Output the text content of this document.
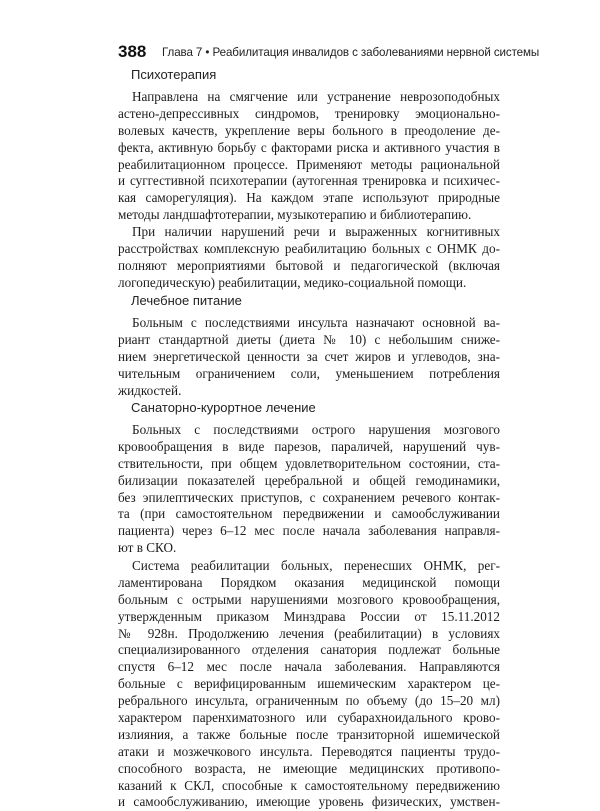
388 Глава 7 • Реабилитация инвалидов с заболеваниями нервной системы
Психотерапия
Направлена на смягчение или устранение неврозоподобных
астено-депрессивных синдромов, тренировку эмоционально-
волевых качеств, укрепление веры больного в преодоление де-
фекта, активную борьбу с факторами риска и активного участия в
реабилитационном процессе. Применяют методы рациональной
и суггестивной психотерапии (аутогенная тренировка и психичес-
кая саморегуляция). На каждом этапе используют природные
методы ландшафтотерапии, музыкотерапию и библиотерапию.
При наличии нарушений речи и выраженных когнитивных
расстройствах комплексную реабилитацию больных с ОНМК до-
полняют мероприятиями бытовой и педагогической (включая
логопедическую) реабилитации, медико-социальной помощи.
Лечебное питание
Больным с последствиями инсульта назначают основной ва-
риант стандартной диеты (диета № 10) с небольшим сниже-
нием энергетической ценности за счет жиров и углеводов, зна-
чительным ограничением соли, уменьшением потребления
жидкостей.
Санаторно-курортное лечение
Больных с последствиями острого нарушения мозгового
кровообращения в виде парезов, параличей, нарушений чув-
ствительности, при общем удовлетворительном состоянии, ста-
билизации показателей церебральной и общей гемодинамики,
без эпилептических приступов, с сохранением речевого контак-
та (при самостоятельном передвижении и самообслуживании
пациента) через 6–12 мес после начала заболевания направля-
ют в СКО.
Система реабилитации больных, перенесших ОНМК, рег-
ламентирована Порядком оказания медицинской помощи
больным с острыми нарушениями мозгового кровообращения,
утвержденным приказом Минздрава России от 15.11.2012
№ 928н. Продолжению лечения (реабилитации) в условиях
специализированного отделения санатория подлежат больные
спустя 6–12 мес после начала заболевания. Направляются
больные с верифицированным ишемическим характером це-
ребрального инсульта, ограниченным по объему (до 15–20 мл)
характером паренхиматозного или субарахноидального крово-
излияния, а также больные после транзиторной ишемической
атаки и мозжечкового инсульта. Переводятся пациенты трудо-
способного возраста, не имеющие медицинских противопо-
казаний к СКЛ, способные к самостоятельному передвижению
и самообслуживанию, имеющие уровень физических, умствен-
